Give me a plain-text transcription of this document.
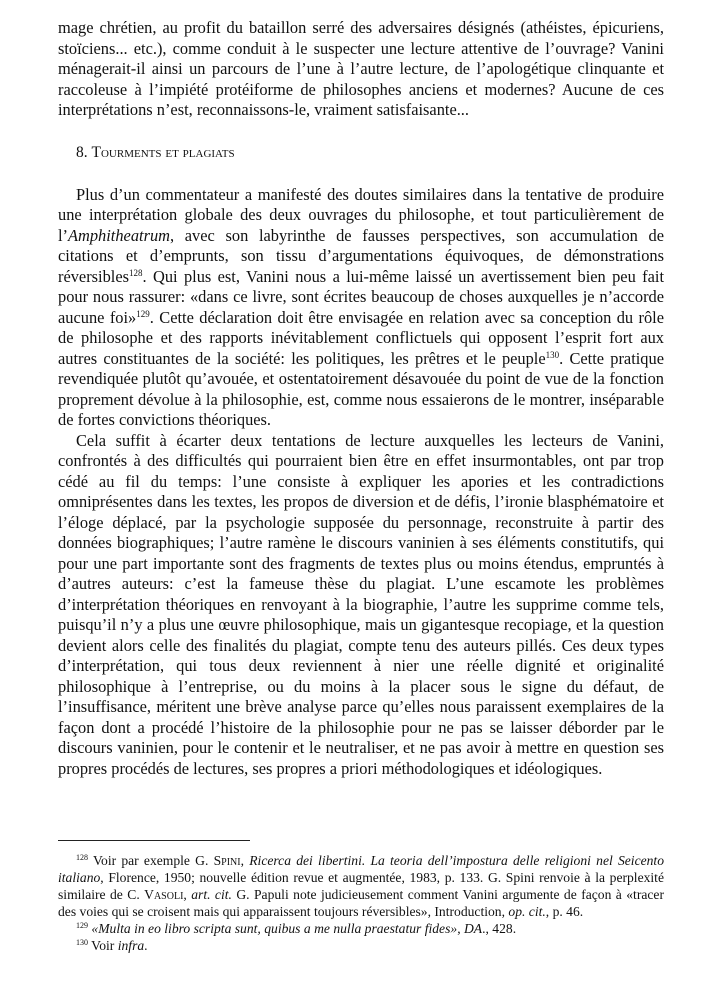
mage chrétien, au profit du bataillon serré des adversaires désignés (athéistes, épicuriens, stoïciens... etc.), comme conduit à le suspecter une lecture attentive de l’ouvrage? Vanini ménagerait-il ainsi un parcours de l’une à l’autre lecture, de l’apologétique clinquante et raccoleuse à l’impiété protéiforme de philosophes anciens et modernes? Aucune de ces interprétations n’est, reconnaissons-le, vraiment satisfaisante...

8. Tourments et plagiats

Plus d’un commentateur a manifesté des doutes similaires dans la tentative de produire une interprétation globale des deux ouvrages du philosophe, et tout particulièrement de l’Amphitheatrum, avec son labyrinthe de fausses perspectives, son accumulation de citations et d’emprunts, son tissu d’argumentations équivoques, de démonstrations réversibles$^{128}$. Qui plus est, Vanini nous a lui-même laissé un avertissement bien peu fait pour nous rassurer: «dans ce livre, sont écrites beaucoup de choses auxquelles je n’accorde aucune foi»$^{129}$. Cette déclaration doit être envisagée en relation avec sa conception du rôle de philosophe et des rapports inévitablement conflictuels qui opposent l’esprit fort aux autres constituantes de la société: les politiques, les prêtres et le peuple$^{130}$. Cette pratique revendiquée plutôt qu’avouée, et ostentatoirement désavouée du point de vue de la fonction proprement dévolue à la philosophie, est, comme nous essaierons de le montrer, inséparable de fortes convictions théoriques.

Cela suffit à écarter deux tentations de lecture auxquelles les lecteurs de Vanini, confrontés à des difficultés qui pourraient bien être en effet insurmontables, ont par trop cédé au fil du temps: l’une consiste à expliquer les apories et les contradictions omniprésentes dans les textes, les propos de diversion et de défis, l’ironie blasphématoire et l’éloge déplacé, par la psychologie supposée du personnage, reconstruite à partir des données biographiques; l’autre ramène le discours vaninien à ses éléments constitutifs, qui pour une part importante sont des fragments de textes plus ou moins étendus, empruntés à d’autres auteurs: c’est la fameuse thèse du plagiat. L’une escamote les problèmes d’interprétation théoriques en renvoyant à la biographie, l’autre les supprime comme tels, puisqu’il n’y a plus une œuvre philosophique, mais un gigantesque recopiage, et la question devient alors celle des finalités du plagiat, compte tenu des auteurs pillés. Ces deux types d’interprétation, qui tous deux reviennent à nier une réelle dignité et originalité philosophique à l’entreprise, ou du moins à la placer sous le signe du défaut, de l’insuffisance, méritent une brève analyse parce qu’elles nous paraissent exemplaires de la façon dont a procédé l’histoire de la philosophie pour ne pas se laisser déborder par le discours vaninien, pour le contenir et le neutraliser, et ne pas avoir à mettre en question ses propres procédés de lectures, ses propres a priori méthodologiques et idéologiques.

$^{128}$ Voir par exemple G. Spini, Ricerca dei libertini. La teoria dell’impostura delle religioni nel Seicento italiano, Florence, 1950; nouvelle édition revue et augmentée, 1983, p. 133. G. Spini renvoie à la perplexité similaire de C. Vasoli, art. cit. G. Papuli note judicieusement comment Vanini argumente de façon à «tracer des voies qui se croisent mais qui apparaissent toujours réversibles», Introduction, op. cit., p. 46.

$^{129}$ «Multa in eo libro scripta sunt, quibus a me nulla praestatur fides», DA., 428.

$^{130}$ Voir infra.
